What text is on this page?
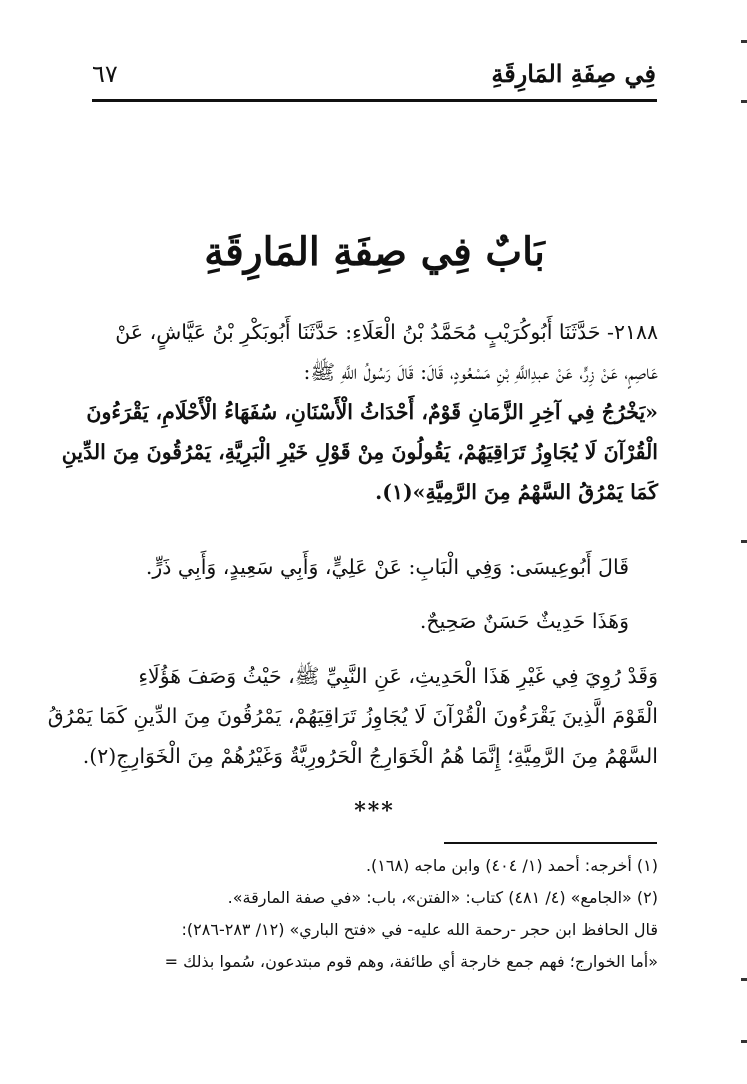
فِي صِفَةِ المَارِقَةِ
٦٧
بَابٌ فِي صِفَةِ المَارِقَةِ
٢١٨٨- حَدَّثَنَا أَبُوكُرَيْبٍ مُحَمَّدُ بْنُ الْعَلَاءِ: حَدَّثَنَا أَبُوبَكْرِ بْنُ عَيَّاشٍ، عَنْ
عَاصِمٍ، عَنْ زِرٍّ، عَنْ عبدِاللَّهِ بْنِ مَسْعُودٍ، قَالَ: قَالَ رَسُولُ اللَّهِ ﷺ:
«يَخْرُجُ فِي آخِرِ الزَّمَانِ قَوْمٌ، أَحْدَاثُ الْأَسْنَانِ، سُفَهَاءُ الْأَحْلَامِ، يَقْرَءُونَ
الْقُرْآنَ لَا يُجَاوِزُ تَرَاقِيَهُمْ، يَقُولُونَ مِنْ قَوْلِ خَيْرِ الْبَرِيَّةِ، يَمْرُقُونَ مِنَ الدِّينِ
كَمَا يَمْرُقُ السَّهْمُ مِنَ الرَّمِيَّةِ»(١).
قَالَ أَبُوعِيسَى: وَفِي الْبَابِ: عَنْ عَلِيٍّ، وَأَبِي سَعِيدٍ، وَأَبِي ذَرٍّ.
وَهَذَا حَدِيثٌ حَسَنٌ صَحِيحٌ.
وَقَدْ رُوِيَ فِي غَيْرِ هَذَا الْحَدِيثِ، عَنِ النَّبِيِّ ﷺ، حَيْثُ وَصَفَ هَؤُلَاءِ
الْقَوْمَ الَّذِينَ يَقْرَءُونَ الْقُرْآنَ لَا يُجَاوِزُ تَرَاقِيَهُمْ، يَمْرُقُونَ مِنَ الدِّينِ كَمَا يَمْرُقُ
السَّهْمُ مِنَ الرَّمِيَّةِ؛ إِنَّمَا هُمُ الْخَوَارِجُ الْحَرُورِيَّةُ وَغَيْرُهُمْ مِنَ الْخَوَارِجِ(٢).
***
(١) أخرجه: أحمد (١/ ٤٠٤) وابن ماجه (١٦٨).
(٢) «الجامع» (٤/ ٤٨١) كتاب: «الفتن»، باب: «في صفة المارقة».
قال الحافظ ابن حجر -رحمة الله عليه- في «فتح الباري» (١٢/ ٢٨٣-٢٨٦):
«أما الخوارج؛ فهم جمع خارجة أي طائفة، وهم قوم مبتدعون، سُموا بذلك =
